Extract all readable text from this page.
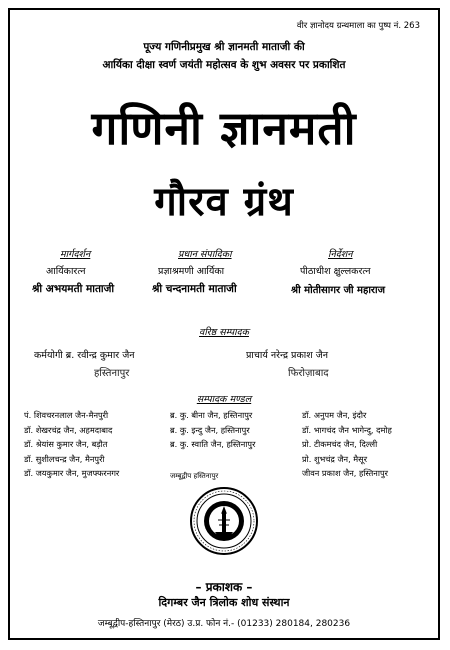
वीर ज्ञानोदय ग्रन्थमाला का पुष्प नं. 263
पूज्य गणिनीप्रमुख श्री ज्ञानमती माताजी की
आर्यिका दीक्षा स्वर्ण जयंती महोत्सव के शुभ अवसर पर प्रकाशित
गणिनी ज्ञानमती
गौरव ग्रंथ
मार्गदर्शन
आर्यिकारत्न
श्री अभयमती माताजी
प्रधान संपादिका
प्रज्ञाश्रमणी आर्यिका
श्री चन्दनामती माताजी
निर्देशन
पीठाधीश क्षुल्लकरत्न
श्री मोतीसागर जी महाराज
वरिष्ठ सम्पादक
कर्मयोगी ब्र. रवीन्द्र कुमार जैन
हस्तिनापुर
प्राचार्य नरेन्द्र प्रकाश जैन
फिरोज़ाबाद
सम्पादक मण्डल
पं. शिवचरनलाल जैन-मैनपुरी
डॉ. शेखरचंद्र जैन, अहमदाबाद
डॉ. श्रेयांस कुमार जैन, बड़ौत
डॉ. सुशीलचन्द्र जैन, मैनपुरी
डॉ. जयकुमार जैन, मुजफ्फरनगर
ब्र. कु. बीना जैन, हस्तिनापुर
ब्र. कु. इन्दु जैन, हस्तिनापुर
ब्र. कु. स्वाति जैन, हस्तिनापुर
डॉ. अनुपम जैन, इंदौर
डॉ. भागचंद जैन भागेन्दु, दमोह
प्रो. टीकमचंद जैन, दिल्ली
प्रो. शुभचंद्र जैन, मैसूर
जीवन प्रकाश जैन, हस्तिनापुर
जम्बूद्वीप हस्तिनापुर
– प्रकाशक –
दिगम्बर जैन त्रिलोक शोध संस्थान
जम्बूद्वीप-हस्तिनापुर (मेरठ) उ.प्र. फोन नं.- (01233) 280184, 280236
